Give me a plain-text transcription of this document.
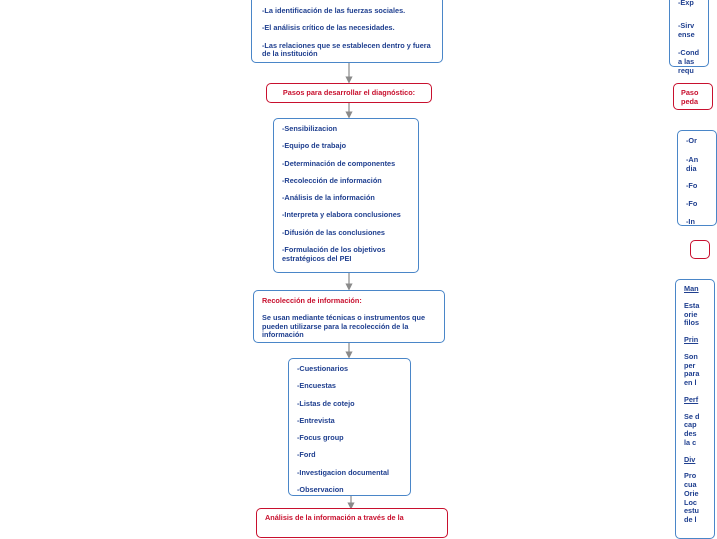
-La identificación de las fuerzas sociales.
-El análisis crítico de las necesidades.
-Las relaciones que se establecen dentro y fuera de la institución
Pasos para desarrollar el diagnóstico:
-Sensibilizacion
-Equipo de trabajo
-Determinación de componentes
-Recolección de información
-Análisis de la información
-Interpreta y elabora conclusiones
-Difusión de las conclusiones
-Formulación de los objetivos estratégicos del PEI
Recolección de información:
Se usan mediante técnicas o instrumentos que pueden utilizarse para la recolección de la información
-Cuestionarios
-Encuestas
-Listas de cotejo
-Entrevista
-Focus group
-Ford
-Investigacion documental
-Observacion
Análisis de la información a través de la
-Exp
-Sirv
ense
-Cond
a las
requ
Paso
peda
-Or
-An
dia
-Fo
-Fo
-In
Man
Esta
orie
filos
Prin
Son
per
para
en l
Perf
Se d
cap
des
la c
Div
Pro
cua
Orie
Loc
estu
de l
